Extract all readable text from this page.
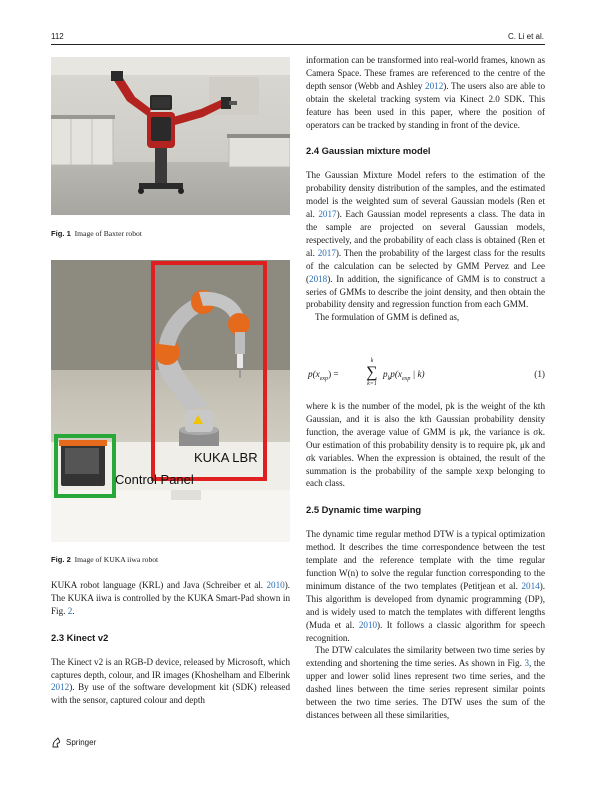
112	C. Li et al.
Fig. 1 Image of Baxter robot
KUKA LBR
Control Panel
Fig. 2 Image of KUKA iiwa robot

KUKA robot language (KRL) and Java (Schreiber et al. 2010). The KUKA iiwa is controlled by the KUKA Smart-Pad shown in Fig. 2.

2.3 Kinect v2

The Kinect v2 is an RGB-D device, released by Microsoft, which captures depth, colour, and IR images (Khoshelham and Elberink 2012). By use of the software development kit (SDK) released with the sensor, captured colour and depth

information can be transformed into real-world frames, known as Camera Space. These frames are referenced to the centre of the depth sensor (Webb and Ashley 2012). The users also are able to obtain the skeletal tracking system via Kinect 2.0 SDK. This feature has been used in this paper, where the position of operators can be tracked by standing in front of the device.

2.4 Gaussian mixture model

The Gaussian Mixture Model refers to the estimation of the probability density distribution of the samples, and the estimated model is the weighted sum of several Gaussian models (Ren et al. 2017). Each Gaussian model represents a class. The data in the sample are projected on several Gaussian models, respectively, and the probability of each class is obtained (Ren et al. 2017). Then the probability of the largest class for the results of the calculation can be selected by GMM Pervez and Lee (2018). In addition, the significance of GMM is to construct a series of GMMs to describe the joint density, and then obtain the probability density and regression function from each GMM.

The formulation of GMM is defined as,

$p(x_{exp})$ =
k
∑
k=1
$p_kp(x_{exp}$ | k)	(1)

where k is the number of the model, pk is the weight of the kth Gaussian, and it is also the kth Gaussian probability density function, the average value of GMM is μk, the variance is σk. Our estimation of this probability density is to require pk, μk and σk variables. When the expression is obtained, the result of the summation is the probability of the sample xexp belonging to each class.

2.5 Dynamic time warping

The dynamic time regular method DTW is a typical optimization method. It describes the time correspondence between the test template and the reference template with the time regular function W(n) to solve the regular function corresponding to the minimum distance of the two templates (Petitjean et al. 2014). This algorithm is developed from dynamic programming (DP), and is widely used to match the templates with different lengths (Muda et al. 2010). It follows a classic algorithm for speech recognition.

The DTW calculates the similarity between two time series by extending and shortening the time series. As shown in Fig. 3, the upper and lower solid lines represent two time series, and the dashed lines between the time series represent similar points between the two time series. The DTW uses the sum of the distances between all these similarities,

Springer
